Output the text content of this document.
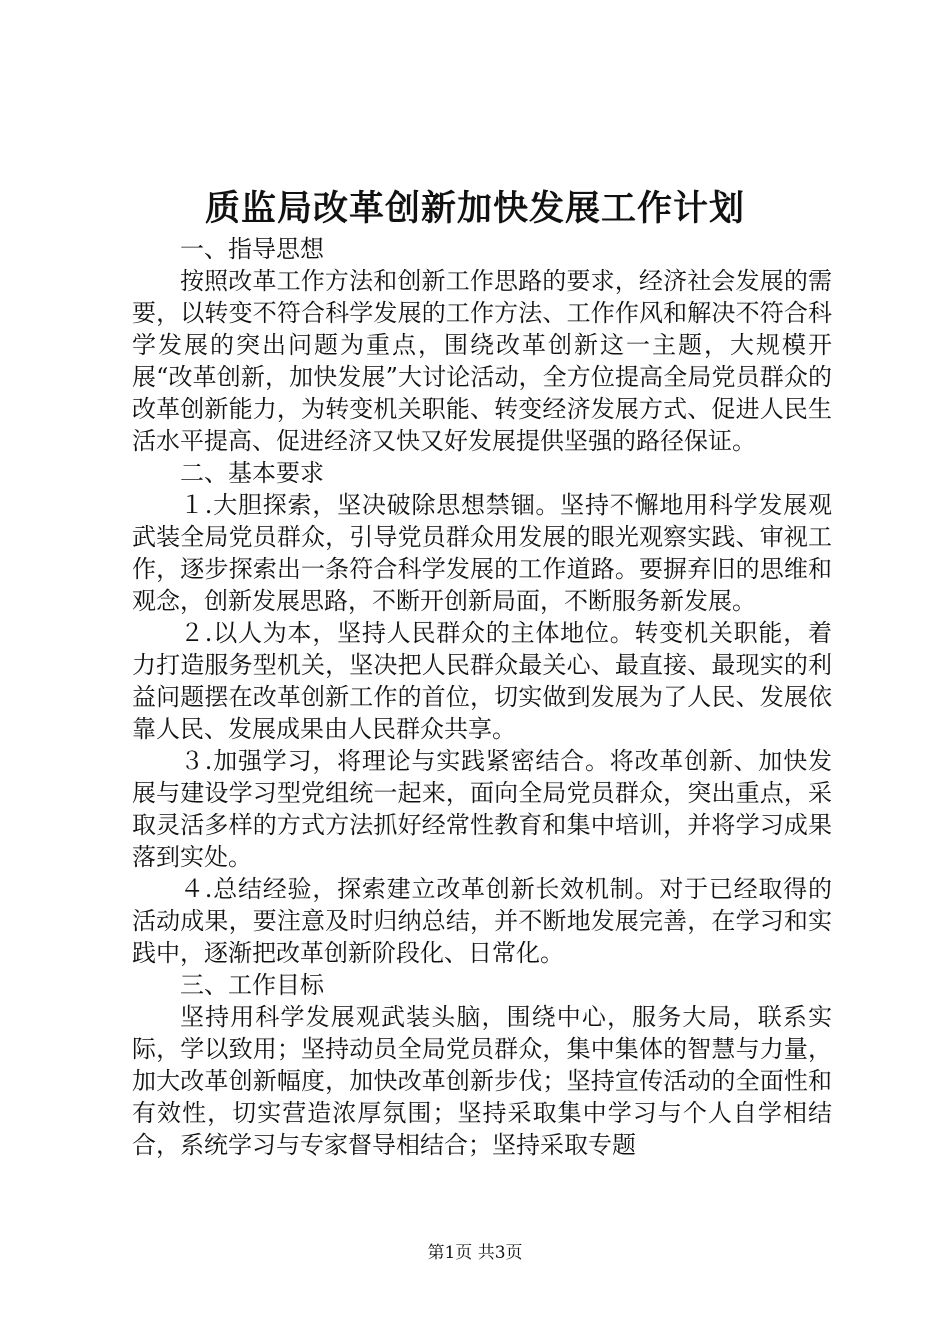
质监局改革创新加快发展工作计划

一、指导思想

按照改革工作方法和创新工作思路的要求，经济社会发展的需要，以转变不符合科学发展的工作方法、工作作风和解决不符合科学发展的突出问题为重点，围绕改革创新这一主题，大规模开展“改革创新，加快发展”大讨论活动，全方位提高全局党员群众的改革创新能力，为转变机关职能、转变经济发展方式、促进人民生活水平提高、促进经济又快又好发展提供坚强的路径保证。

二、基本要求

１.大胆探索，坚决破除思想禁锢。坚持不懈地用科学发展观武装全局党员群众，引导党员群众用发展的眼光观察实践、审视工作，逐步探索出一条符合科学发展的工作道路。要摒弃旧的思维和观念，创新发展思路，不断开创新局面，不断服务新发展。

２.以人为本，坚持人民群众的主体地位。转变机关职能，着力打造服务型机关，坚决把人民群众最关心、最直接、最现实的利益问题摆在改革创新工作的首位，切实做到发展为了人民、发展依靠人民、发展成果由人民群众共享。

３.加强学习，将理论与实践紧密结合。将改革创新、加快发展与建设学习型党组统一起来，面向全局党员群众，突出重点，采取灵活多样的方式方法抓好经常性教育和集中培训，并将学习成果落到实处。

４.总结经验，探索建立改革创新长效机制。对于已经取得的活动成果，要注意及时归纳总结，并不断地发展完善，在学习和实践中，逐渐把改革创新阶段化、日常化。

三、工作目标

坚持用科学发展观武装头脑，围绕中心，服务大局，联系实际，学以致用；坚持动员全局党员群众，集中集体的智慧与力量，加大改革创新幅度，加快改革创新步伐；坚持宣传活动的全面性和有效性，切实营造浓厚氛围；坚持采取集中学习与个人自学相结合，系统学习与专家督导相结合；坚持采取专题

第1页 共3页
